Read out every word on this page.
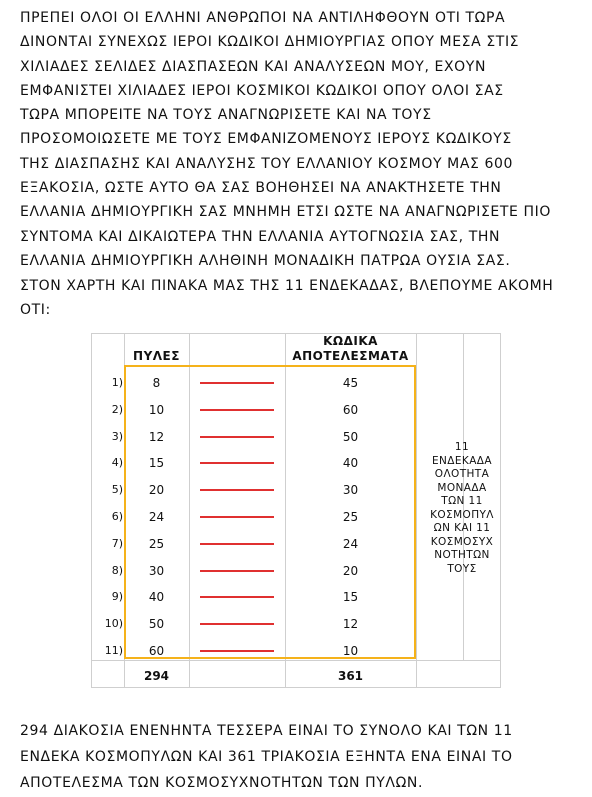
ΠΡΕΠΕΙ ΟΛΟΙ ΟΙ ΕΛΛΗΝΙ ΑΝΘΡΩΠΟΙ ΝΑ ΑΝΤΙΛΗΦΘΟΥΝ ΟΤΙ ΤΩΡΑ
ΔΙΝΟΝΤΑΙ ΣΥΝΕΧΩΣ ΙΕΡΟΙ ΚΩΔΙΚΟΙ ΔΗΜΙΟΥΡΓΙΑΣ ΟΠΟΥ ΜΕΣΑ ΣΤΙΣ
ΧΙΛΙΑΔΕΣ ΣΕΛΙΔΕΣ ΔΙΑΣΠΑΣΕΩΝ ΚΑΙ ΑΝΑΛΥΣΕΩΝ ΜΟΥ, ΕΧΟΥΝ
ΕΜΦΑΝΙΣΤΕΙ ΧΙΛΙΑΔΕΣ ΙΕΡΟΙ ΚΟΣΜΙΚΟΙ ΚΩΔΙΚΟΙ ΟΠΟΥ ΟΛΟΙ ΣΑΣ
ΤΩΡΑ ΜΠΟΡΕΙΤΕ ΝΑ ΤΟΥΣ ΑΝΑΓΝΩΡΙΣΕΤΕ ΚΑΙ ΝΑ ΤΟΥΣ
ΠΡΟΣΟΜΟΙΩΣΕΤΕ ΜΕ ΤΟΥΣ ΕΜΦΑΝΙΖΟΜΕΝΟΥΣ ΙΕΡΟΥΣ ΚΩΔΙΚΟΥΣ
ΤΗΣ ΔΙΑΣΠΑΣΗΣ ΚΑΙ ΑΝΑΛΥΣΗΣ ΤΟΥ ΕΛΛΑΝΙΟΥ ΚΟΣΜΟΥ ΜΑΣ 600
ΕΞΑΚΟΣΙΑ, ΩΣΤΕ ΑΥΤΟ ΘΑ ΣΑΣ ΒΟΗΘΗΣΕΙ ΝΑ ΑΝΑΚΤΗΣΕΤΕ ΤΗΝ
ΕΛΛΑΝΙΑ ΔΗΜΙΟΥΡΓΙΚΗ ΣΑΣ ΜΝΗΜΗ ΕΤΣΙ ΩΣΤΕ ΝΑ ΑΝΑΓΝΩΡΙΣΕΤΕ ΠΙΟ
ΣΥΝΤΟΜΑ ΚΑΙ ΔΙΚΑΙΩΤΕΡΑ ΤΗΝ ΕΛΛΑΝΙΑ ΑΥΤΟΓΝΩΣΙΑ ΣΑΣ, ΤΗΝ
ΕΛΛΑΝΙΑ ΔΗΜΙΟΥΡΓΙΚΗ ΑΛΗΘΙΝΗ ΜΟΝΑΔΙΚΗ ΠΑΤΡΩΑ ΟΥΣΙΑ ΣΑΣ.
ΣΤΟΝ ΧΑΡΤΗ ΚΑΙ ΠΙΝΑΚΑ ΜΑΣ ΤΗΣ 11 ΕΝΔΕΚΑΔΑΣ, ΒΛΕΠΟΥΜΕ ΑΚΟΜΗ
ΟΤΙ:
ΠΥΛΕΣ
ΚΩΔΙΚΑ
ΑΠΟΤΕΛΕΣΜΑΤΑ
1)	8	45
2)	10	60
3)	12	50
4)	15	40
5)	20	30
6)	24	25
7)	25	24
8)	30	20
9)	40	15
10)	50	12
11)	60	10
294	361
11
ΕΝΔΕΚΑΔΑ
ΟΛΟΤΗΤΑ
ΜΟΝΑΔΑ
ΤΩΝ 11
ΚΟΣΜΟΠΥΛ
ΩΝ ΚΑΙ 11
ΚΟΣΜΟΣΥΧ
ΝΟΤΗΤΩΝ
ΤΟΥΣ
294 ΔΙΑΚΟΣΙΑ ΕΝΕΝΗΝΤΑ ΤΕΣΣΕΡΑ ΕΙΝΑΙ ΤΟ ΣΥΝΟΛΟ ΚΑΙ ΤΩΝ 11
ΕΝΔΕΚΑ ΚΟΣΜΟΠΥΛΩΝ ΚΑΙ 361 ΤΡΙΑΚΟΣΙΑ ΕΞΗΝΤΑ ΕΝΑ ΕΙΝΑΙ ΤΟ
ΑΠΟΤΕΛΕΣΜΑ ΤΩΝ ΚΟΣΜΟΣΥΧΝΟΤΗΤΩΝ ΤΩΝ ΠΥΛΩΝ.
